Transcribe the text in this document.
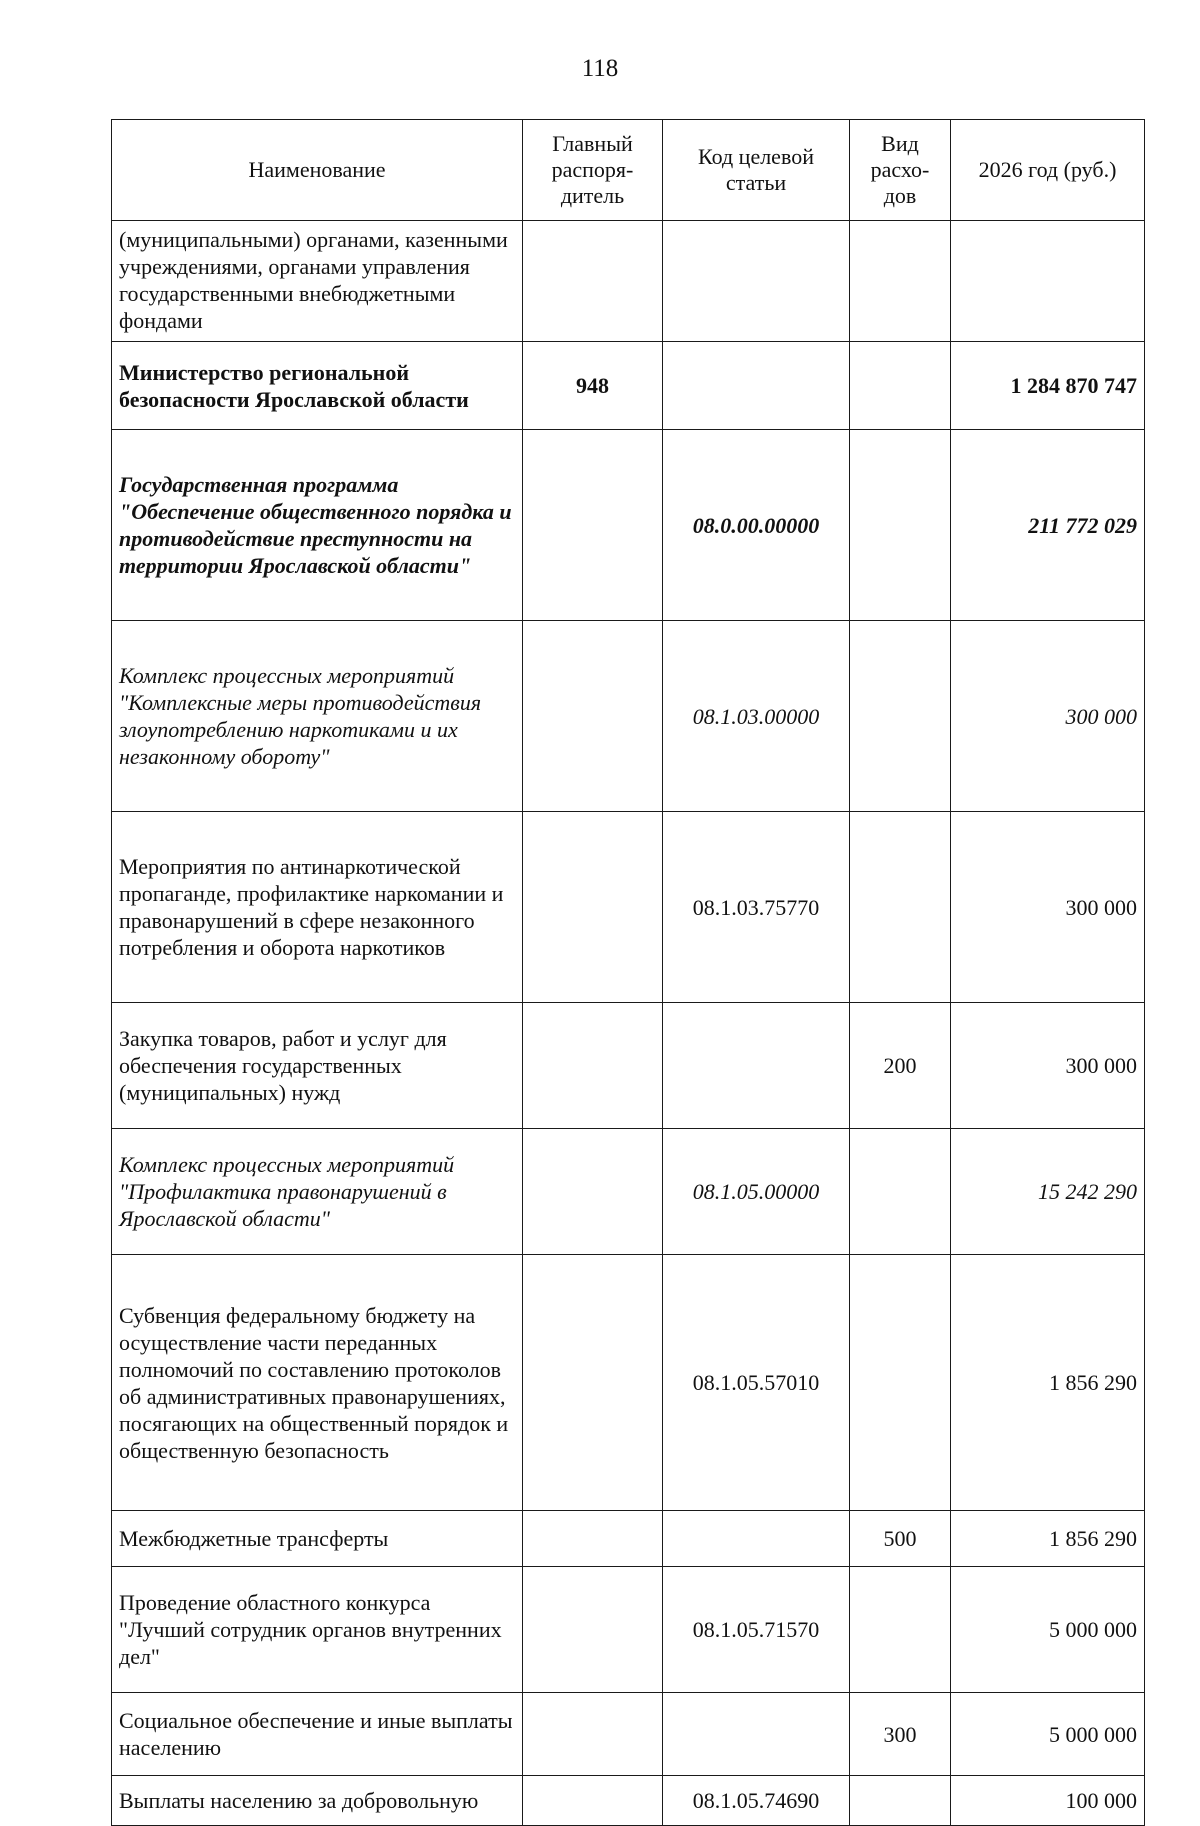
118
Наименование	Главный распоря- дитель	Код целевой статьи	Вид расхо- дов	2026 год (руб.)
(муниципальными) органами, казенными учреждениями, органами управления государственными внебюджетными фондами				
Министерство региональной безопасности Ярославской области	948			1 284 870 747
Государственная программа "Обеспечение общественного порядка и противодействие преступности на территории Ярославской области"		08.0.00.00000		211 772 029
Комплекс процессных мероприятий "Комплексные меры противодействия злоупотреблению наркотиками и их незаконному обороту"		08.1.03.00000		300 000
Мероприятия по антинаркотической пропаганде, профилактике наркомании и правонарушений в сфере незаконного потребления и оборота наркотиков		08.1.03.75770		300 000
Закупка товаров, работ и услуг для обеспечения государственных (муниципальных) нужд			200	300 000
Комплекс процессных мероприятий "Профилактика правонарушений в Ярославской области"		08.1.05.00000		15 242 290
Субвенция федеральному бюджету на осуществление части переданных полномочий по составлению протоколов об административных правонарушениях, посягающих на общественный порядок и общественную безопасность		08.1.05.57010		1 856 290
Межбюджетные трансферты			500	1 856 290
Проведение областного конкурса "Лучший сотрудник органов внутренних дел"		08.1.05.71570		5 000 000
Социальное обеспечение и иные выплаты населению			300	5 000 000
Выплаты населению за добровольную		08.1.05.74690		100 000
